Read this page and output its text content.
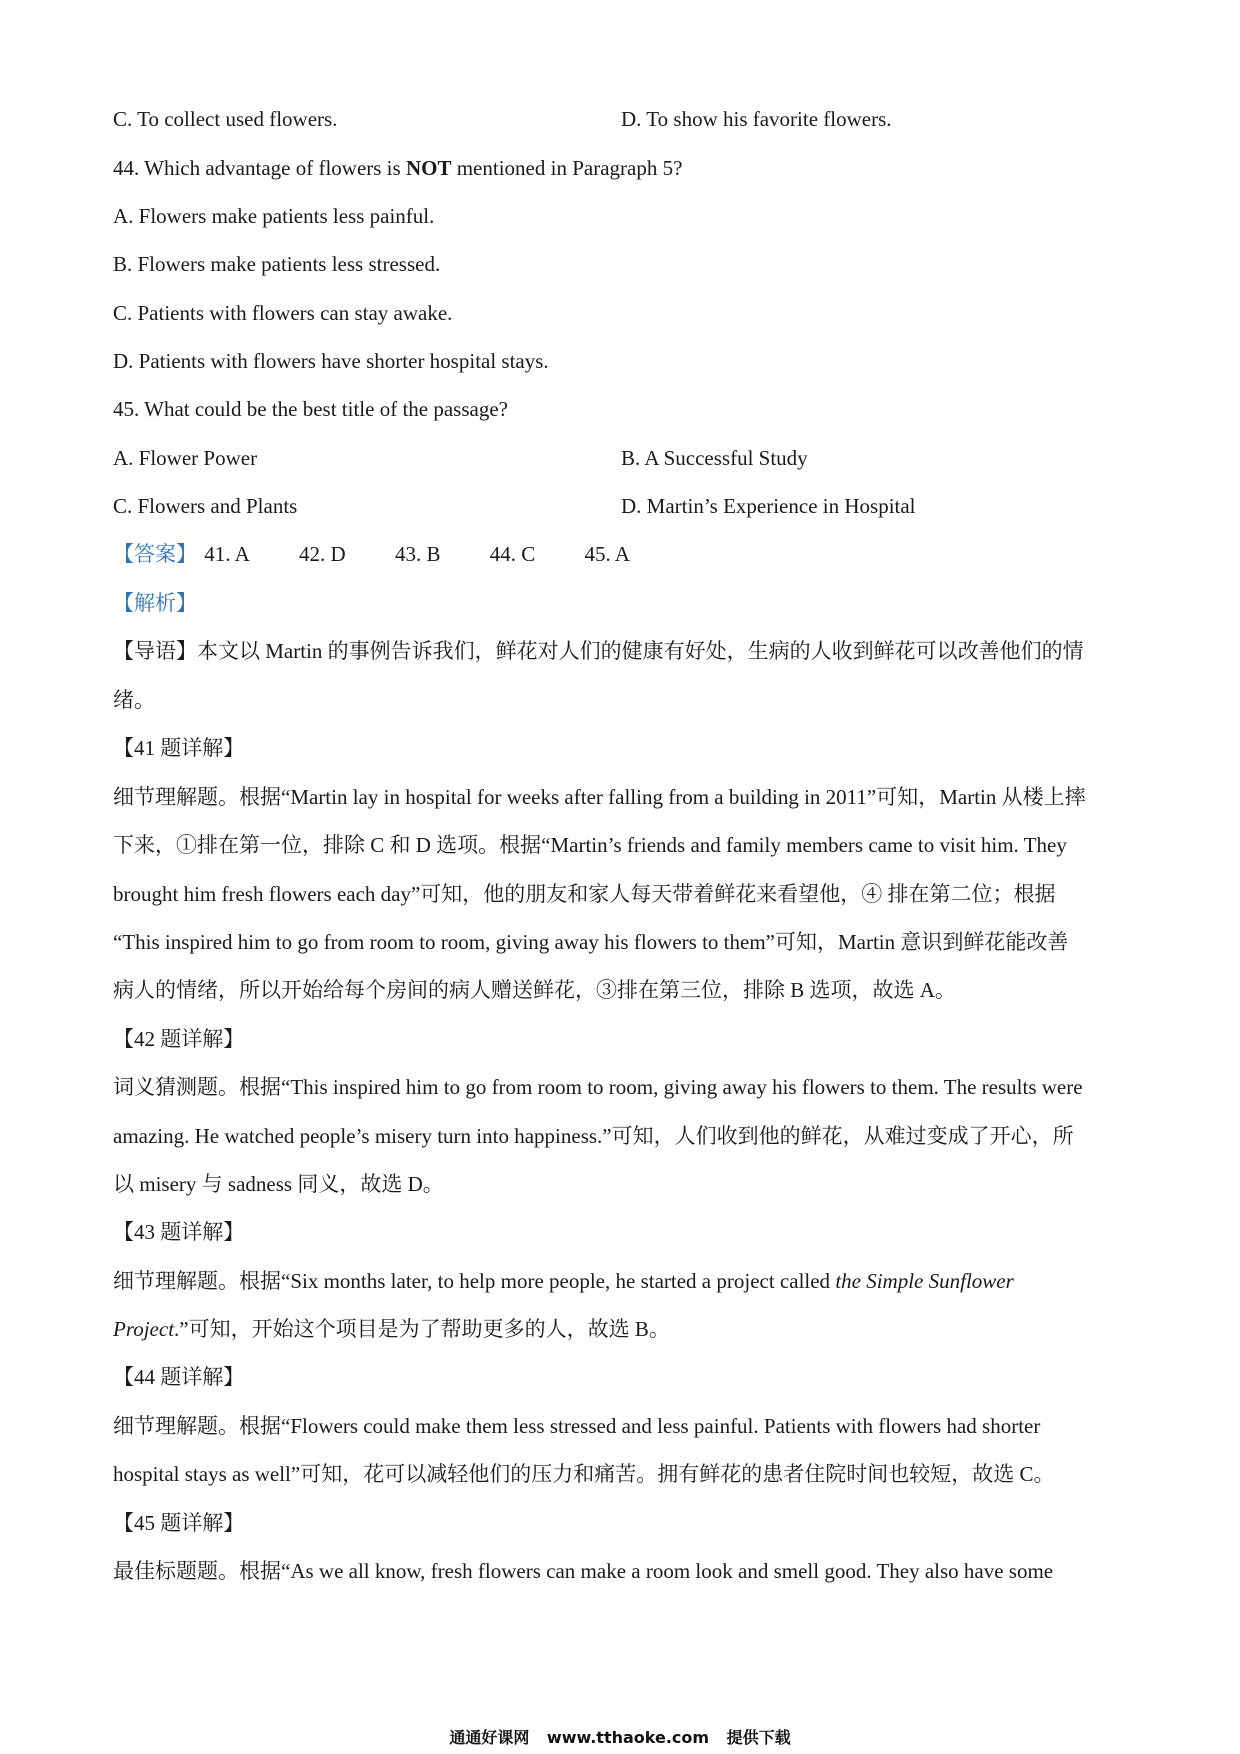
C. To collect used flowers.	D. To show his favorite flowers.
44. Which advantage of flowers is NOT mentioned in Paragraph 5?
A. Flowers make patients less painful.
B. Flowers make patients less stressed.
C. Patients with flowers can stay awake.
D. Patients with flowers have shorter hospital stays.
45. What could be the best title of the passage?
A. Flower Power	B. A Successful Study
C. Flowers and Plants	D. Martin’s Experience in Hospital
【答案】 41. A 42. D 43. B 44. C 45. A
【解析】
【导语】本文以 Martin 的事例告诉我们，鲜花对人们的健康有好处，生病的人收到鲜花可以改善他们的情
绪。
【41 题详解】
细节理解题。根据“Martin lay in hospital for weeks after falling from a building in 2011”可知，Martin 从楼上摔
下来，①排在第一位，排除 C 和 D 选项。根据“Martin’s friends and family members came to visit him. They
brought him fresh flowers each day”可知，他的朋友和家人每天带着鲜花来看望他，④ 排在第二位；根据
“This inspired him to go from room to room, giving away his flowers to them”可知，Martin 意识到鲜花能改善
病人的情绪，所以开始给每个房间的病人赠送鲜花，③排在第三位，排除 B 选项，故选 A。
【42 题详解】
词义猜测题。根据“This inspired him to go from room to room, giving away his flowers to them. The results were
amazing. He watched people’s misery turn into happiness.”可知，人们收到他的鲜花，从难过变成了开心，所
以 misery 与 sadness 同义，故选 D。
【43 题详解】
细节理解题。根据“Six months later, to help more people, he started a project called the Simple Sunflower
Project.”可知，开始这个项目是为了帮助更多的人，故选 B。
【44 题详解】
细节理解题。根据“Flowers could make them less stressed and less painful. Patients with flowers had shorter
hospital stays as well”可知，花可以减轻他们的压力和痛苦。拥有鲜花的患者住院时间也较短，故选 C。
【45 题详解】
最佳标题题。根据“As we all know, fresh flowers can make a room look and smell good. They also have some
通通好课网 www.tthaoke.com 提供下载
